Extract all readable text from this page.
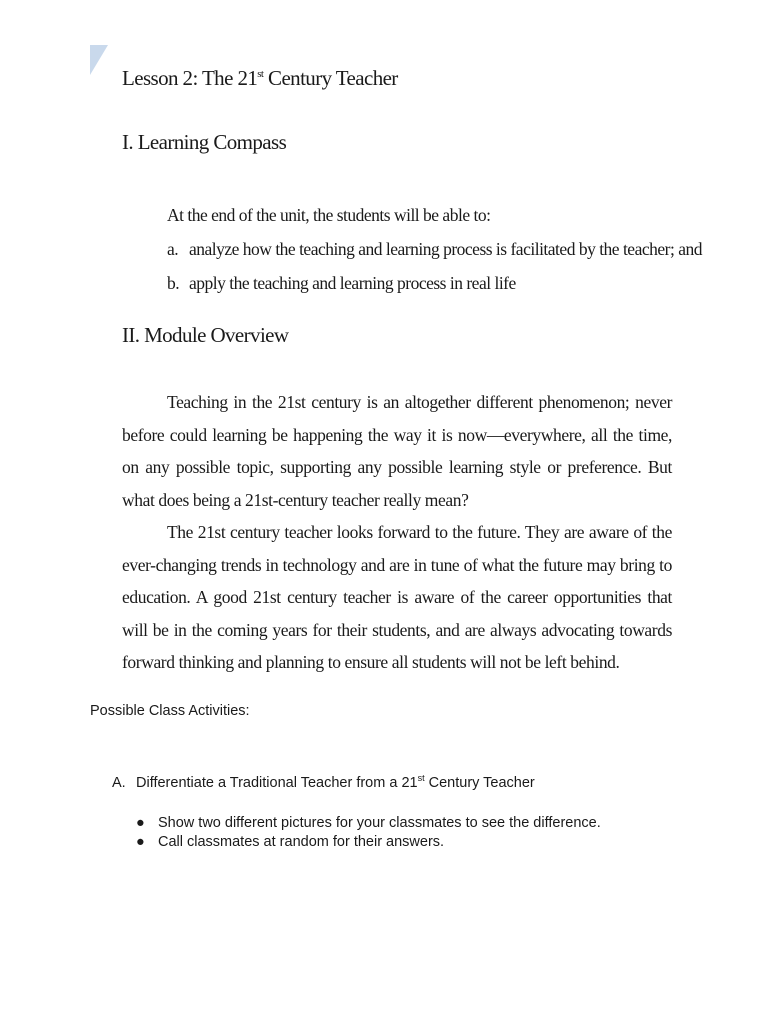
Lesson 2: The 21st Century Teacher
I. Learning Compass
At the end of the unit, the students will be able to:
a. analyze how the teaching and learning process is facilitated by the teacher; and
b. apply the teaching and learning process in real life
II. Module Overview

Teaching in the 21st century is an altogether different phenomenon; never before could learning be happening the way it is now—everywhere, all the time, on any possible topic, supporting any possible learning style or preference. But what does being a 21st-century teacher really mean?

The 21st century teacher looks forward to the future. They are aware of the ever-changing trends in technology and are in tune of what the future may bring to education. A good 21st century teacher is aware of the career opportunities that will be in the coming years for their students, and are always advocating towards forward thinking and planning to ensure all students will not be left behind.

Possible Class Activities:
A. Differentiate a Traditional Teacher from a 21st Century Teacher
● Show two different pictures for your classmates to see the difference.
● Call classmates at random for their answers.
